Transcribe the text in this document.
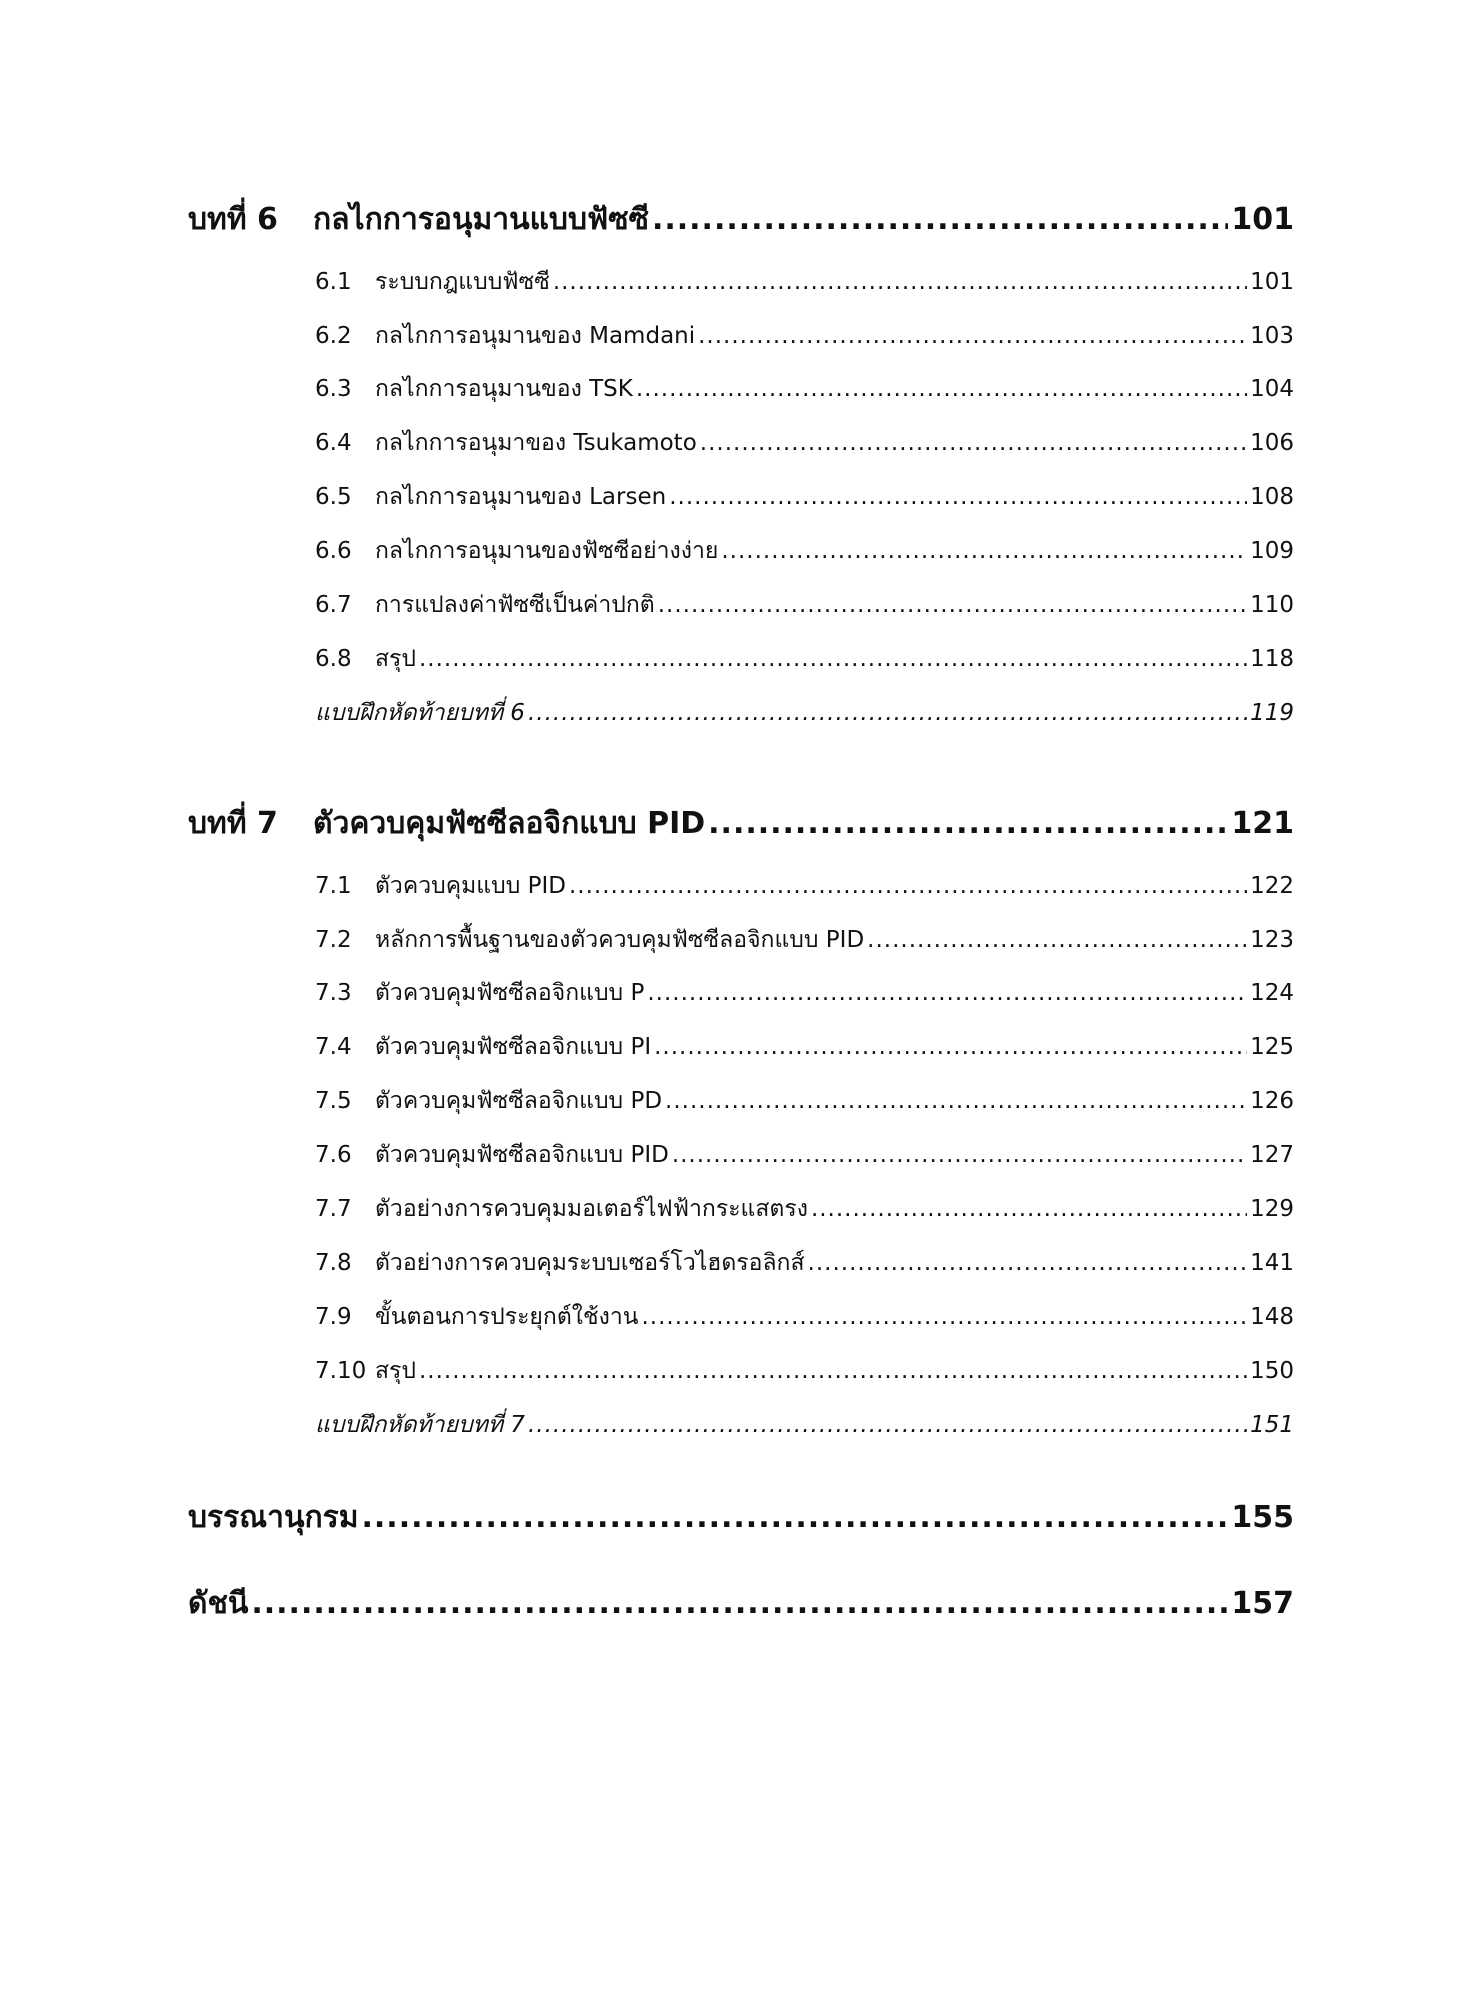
บทที่ 6	กลไกการอนุมานแบบฟัซซี .....	101
6.1	ระบบกฎแบบฟัซซี .....	101
6.2	กลไกการอนุมานของ Mamdani .....	103
6.3	กลไกการอนุมานของ TSK .....	104
6.4	กลไกการอนุมาของ Tsukamoto .....	106
6.5	กลไกการอนุมานของ Larsen .....	108
6.6	กลไกการอนุมานของฟัซซีอย่างง่าย .....	109
6.7	การแปลงค่าฟัซซีเป็นค่าปกติ .....	110
6.8	สรุป .....	118
แบบฝึกหัดท้ายบทที่ 6 .....	119
บทที่ 7	ตัวควบคุมฟัซซีลอจิกแบบ PID .....	121
7.1	ตัวควบคุมแบบ PID .....	122
7.2	หลักการพื้นฐานของตัวควบคุมฟัซซีลอจิกแบบ PID .....	123
7.3	ตัวควบคุมฟัซซีลอจิกแบบ P .....	124
7.4	ตัวควบคุมฟัซซีลอจิกแบบ PI .....	125
7.5	ตัวควบคุมฟัซซีลอจิกแบบ PD .....	126
7.6	ตัวควบคุมฟัซซีลอจิกแบบ PID .....	127
7.7	ตัวอย่างการควบคุมมอเตอร์ไฟฟ้ากระแสตรง .....	129
7.8	ตัวอย่างการควบคุมระบบเซอร์โวไฮดรอลิกส์ .....	141
7.9	ขั้นตอนการประยุกต์ใช้งาน .....	148
7.10 สรุป .....	150
แบบฝึกหัดท้ายบทที่ 7 .....	151
บรรณานุกรม .....	155
ดัชนี .....	157
